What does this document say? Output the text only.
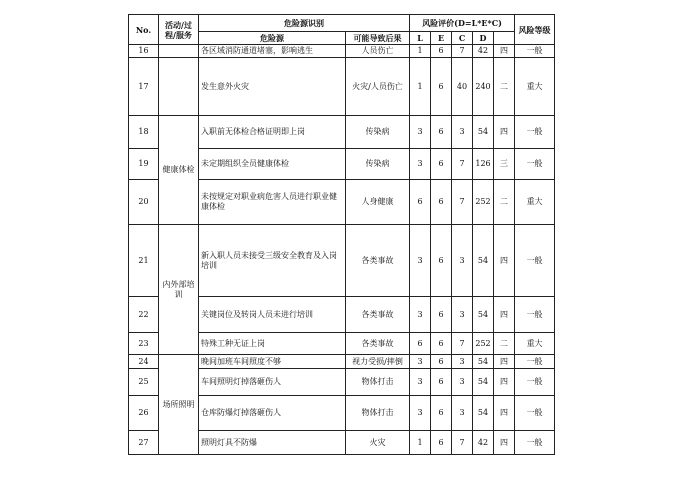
No.	活动/过程/服务	危险源识别		风险评价(D=L*E*C)					风险等级
		危险源	可能导致后果	L	E	C	D		
16		各区域消防通道堵塞，影响逃生	人员伤亡	1	6	7	42	四	一般
17		发生意外火灾	火灾/人员伤亡	1	6	40	240	二	重大
18	健康体检	入职前无体检合格证明即上岗	传染病	3	6	3	54	四	一般
19		未定期组织全员健康体检	传染病	3	6	7	126	三	一般
20		未按规定对职业病危害人员进行职业健康体检	人身健康	6	6	7	252	二	重大
21	内外部培训	新入职人员未接受三级安全教育及入岗培训	各类事故	3	6	3	54	四	一般
22		关键岗位及转岗人员未进行培训	各类事故	3	6	3	54	四	一般
23		特殊工种无证上岗	各类事故	6	6	7	252	二	重大
24	场所照明	晚间加班车间照度不够	视力受损/摔倒	3	6	3	54	四	一般
25		车间照明灯掉落砸伤人	物体打击	3	6	3	54	四	一般
26		仓库防爆灯掉落砸伤人	物体打击	3	6	3	54	四	一般
27		照明灯具不防爆	火灾	1	6	7	42	四	一般
